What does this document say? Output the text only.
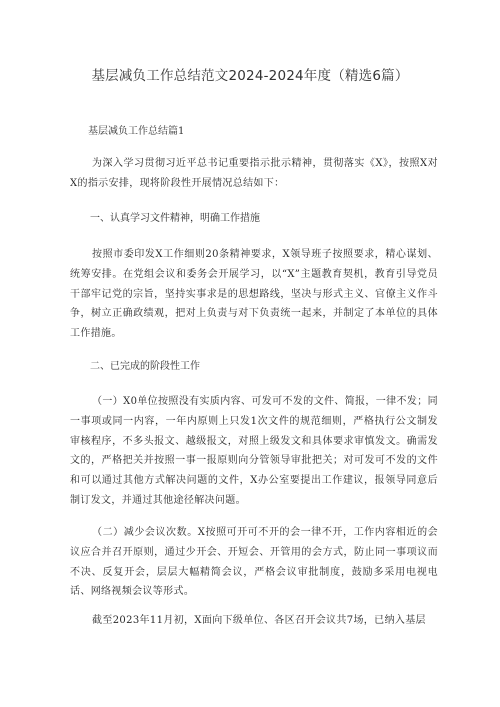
基层减负工作总结范文2024-2024年度（精选6篇）
基层减负工作总结篇1

为深入学习贯彻习近平总书记重要指示批示精神，贯彻落实《X》，按照X对X的指示安排，现将阶段性开展情况总结如下：

一、认真学习文件精神，明确工作措施

按照市委印发X工作细则20条精神要求，X领导班子按照要求，精心谋划、统筹安排。在党组会议和委务会开展学习，以“X”主题教育契机，教育引导党员干部牢记党的宗旨，坚持实事求是的思想路线，坚决与形式主义、官僚主义作斗争，树立正确政绩观，把对上负责与对下负责统一起来，并制定了本单位的具体工作措施。

二、已完成的阶段性工作

（一）X0单位按照没有实质内容、可发可不发的文件、简报，一律不发；同一事项或同一内容，一年内原则上只发1次文件的规范细则，严格执行公文制发审核程序，不多头报文、越级报文，对照上级发文和具体要求审慎发文。确需发文的，严格把关并按照一事一报原则向分管领导审批把关；对可发可不发的文件和可以通过其他方式解决问题的文件，X办公室要提出工作建议，报领导同意后制订发文，并通过其他途径解决问题。

（二）减少会议次数。X按照可开可不开的会一律不开，工作内容相近的会议应合并召开原则，通过少开会、开短会、开管用的会方式，防止同一事项议而不决、反复开会，层层大幅精简会议，严格会议审批制度，鼓励多采用电视电话、网络视频会议等形式。

截至2023年11月初，X面向下级单位、各区召开会议共7场，已纳入基层
